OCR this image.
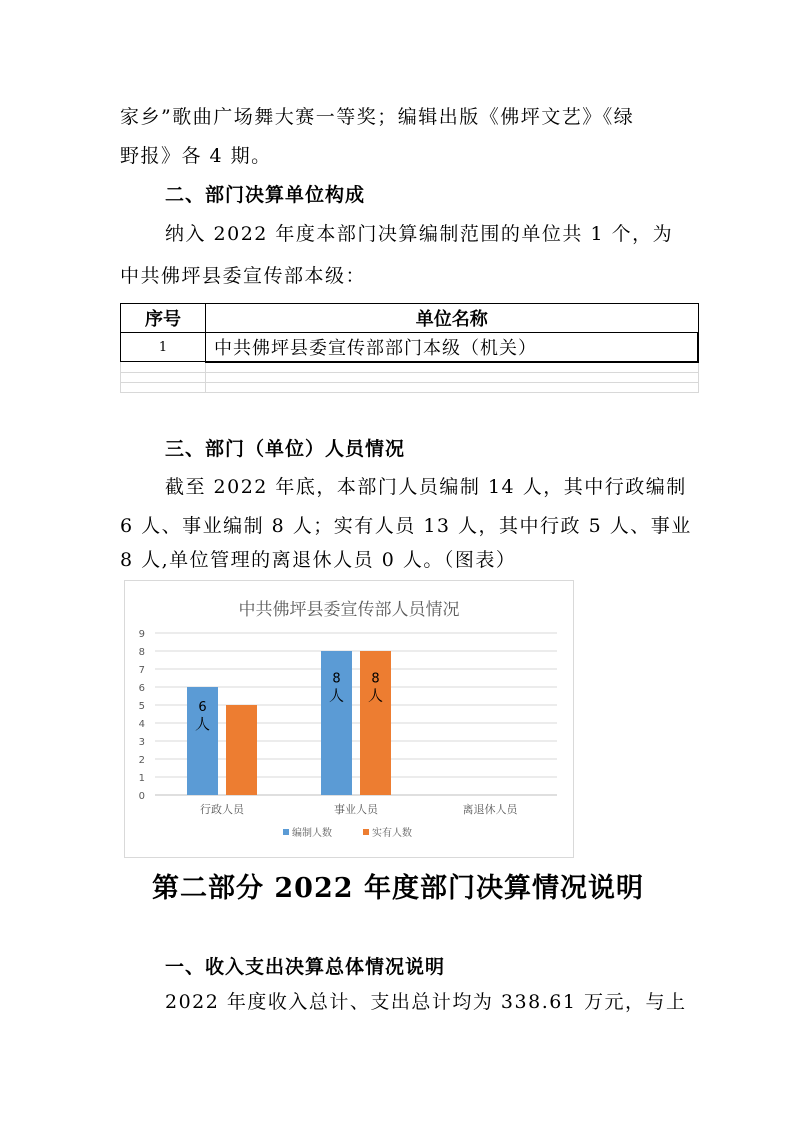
家乡”歌曲广场舞大赛一等奖；编辑出版《佛坪文艺》《绿
野报》各 4 期。
二、部门决算单位构成
纳入 2022 年度本部门决算编制范围的单位共 1 个，为
中共佛坪县委宣传部本级：
序号	单位名称
1	中共佛坪县委宣传部部门本级（机关）

三、部门（单位）人员情况
截至 2022 年底，本部门人员编制 14 人，其中行政编制
6 人、事业编制 8 人；实有人员 13 人，其中行政 5 人、事业
8 人,单位管理的离退休人员 0 人。（图表）
中共佛坪县委宣传部人员情况
0
1
2
3
4
5
6
7
8
9
行政人员	事业人员	离退休人员
6
人
8
人
8
人
编制人数	实有人数
第二部分 2022 年度部门决算情况说明
一、收入支出决算总体情况说明
2022 年度收入总计、支出总计均为 338.61 万元，与上
